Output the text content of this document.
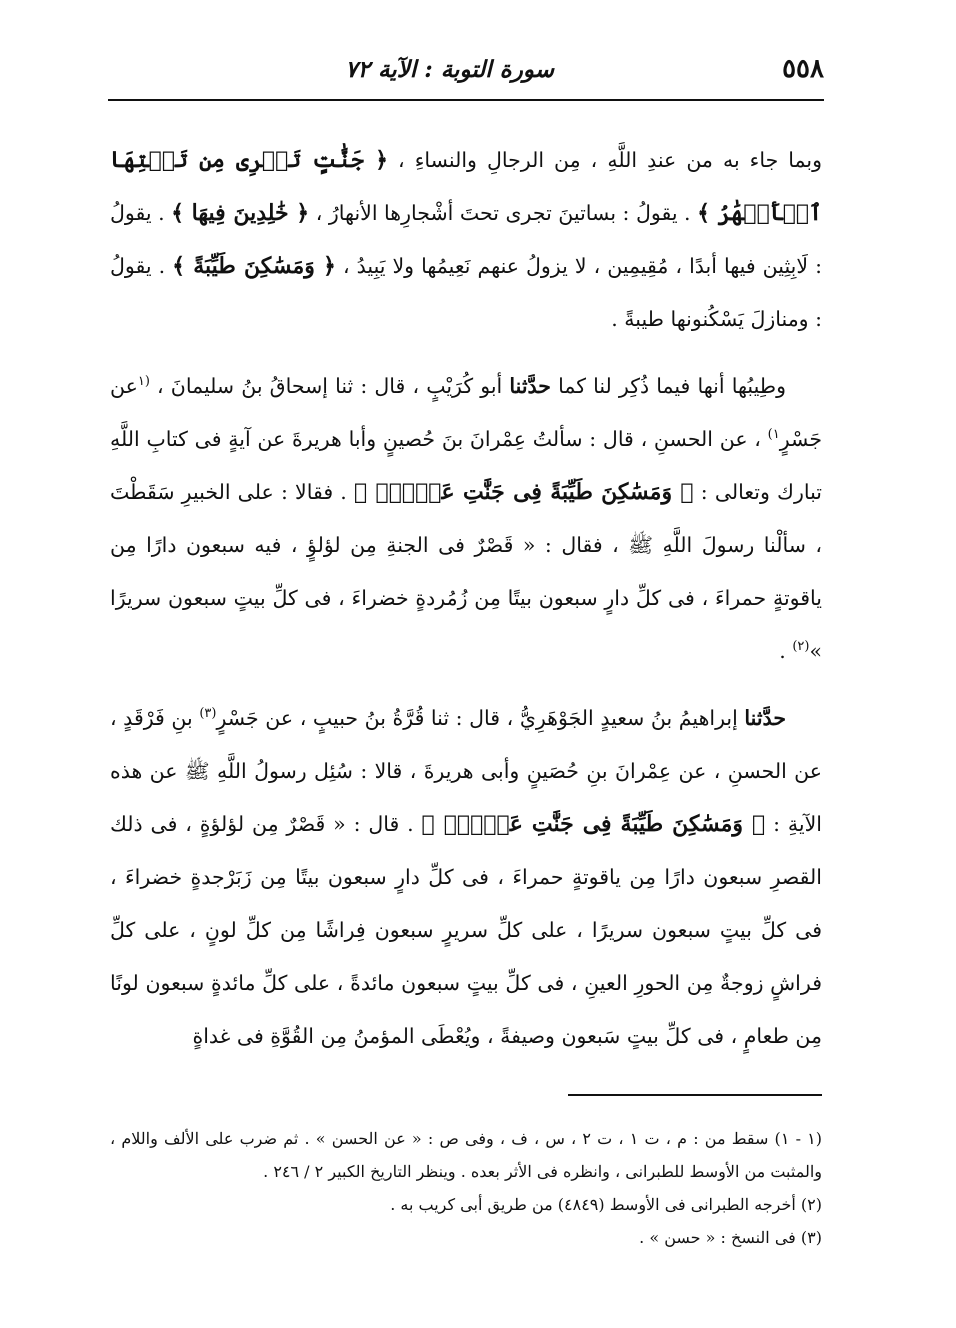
٥٥٨
سورة التوبة : الآية ٧٢

وبما جاء به من عندِ اللَّهِ ، مِن الرجالِ والنساءِ ، ﴿ جَنَّٰتٍ تَجۡرِى مِن تَحۡتِهَا ٱلۡأَنۡهَٰرُ ﴾ . يقولُ : بساتينَ تجرى تحتَ أشْجارِها الأنهارُ ، ﴿ خَٰلِدِينَ فِيهَا ﴾ . يقولُ : لَابِثِين فيها أبدًا ، مُقِيمِين ، لا يزولُ عنهم نَعِيمُها ولا يَبِيدُ ، ﴿ وَمَسَٰكِنَ طَيِّبَةً ﴾ . يقولُ : ومنازلَ يَسْكُنونها طيبةً .

وطِيبُها أنها فيما ذُكِر لنا كما حدَّثنا أبو كُرَيْبٍ ، قال : ثنا إسحاقُ بنُ سليمانَ ، $^{(١}$عن جَسْرٍ$^{١)}$ ، عن الحسنِ ، قال : سألتُ عِمْرانَ بنَ حُصينٍ وأبا هريرةَ عن آيةٍ فى كتابِ اللَّهِ تبارك وتعالى : ﴿ وَمَسَٰكِنَ طَيِّبَةً فِى جَنَّٰتِ عَدۡنٍۚ ﴾ . فقالا : على الخبيرِ سَقَطْتَ ، سألْنا رسولَ اللَّهِ ﷺ ، فقال : « قَصْرٌ فى الجنةِ مِن لؤلؤٍ ، فيه سبعون دارًا مِن ياقوتةٍ حمراءَ ، فى كلِّ دارٍ سبعون بيتًا مِن زُمُردةٍ خضراءَ ، فى كلِّ بيتٍ سبعون سريرًا »$^{(٢)}$ .

حدَّثنا إبراهيمُ بنُ سعيدٍ الجَوْهَرِيُّ ، قال : ثنا قُرَّةُ بنُ حبيبٍ ، عن جَسْرٍ$^{(٣)}$ بنِ فَرْقَدٍ ، عن الحسنِ ، عن عِمْرانَ بنِ حُصَينٍ وأبى هريرةَ ، قالا : سُئِل رسولُ اللَّهِ ﷺ عن هذه الآيةِ : ﴿ وَمَسَٰكِنَ طَيِّبَةً فِى جَنَّٰتِ عَدۡنٍۚ ﴾ . قال : « قَصْرٌ مِن لؤلؤةٍ ، فى ذلك القصرِ سبعون دارًا مِن ياقوتةٍ حمراءَ ، فى كلِّ دارٍ سبعون بيتًا مِن زَبَرْجدةٍ خضراءَ ، فى كلِّ بيتٍ سبعون سريرًا ، على كلِّ سريرٍ سبعون فِراشًا مِن كلِّ لونٍ ، على كلِّ فراشٍ زوجةٌ مِن الحورِ العينِ ، فى كلِّ بيتٍ سبعون مائدةً ، على كلِّ مائدةٍ سبعون لونًا مِن طعامٍ ، فى كلِّ بيتٍ سَبعون وصيفةً ، ويُعْطَى المؤمنُ مِن القُوَّةِ فى غداةٍ

(١ - ١) سقط من : م ، ت ١ ، ت ٢ ، س ، ف ، وفى ص : « عن الحسن » . ثم ضرب على الألف واللام ، والمثبت من الأوسط للطبرانى ، وانظره فى الأثر بعده . وينظر التاريخ الكبير ٢ / ٢٤٦ .
(٢) أخرجه الطبرانى فى الأوسط (٤٨٤٩) من طريق أبى كريب به .
(٣) فى النسخ : « حسن » .
